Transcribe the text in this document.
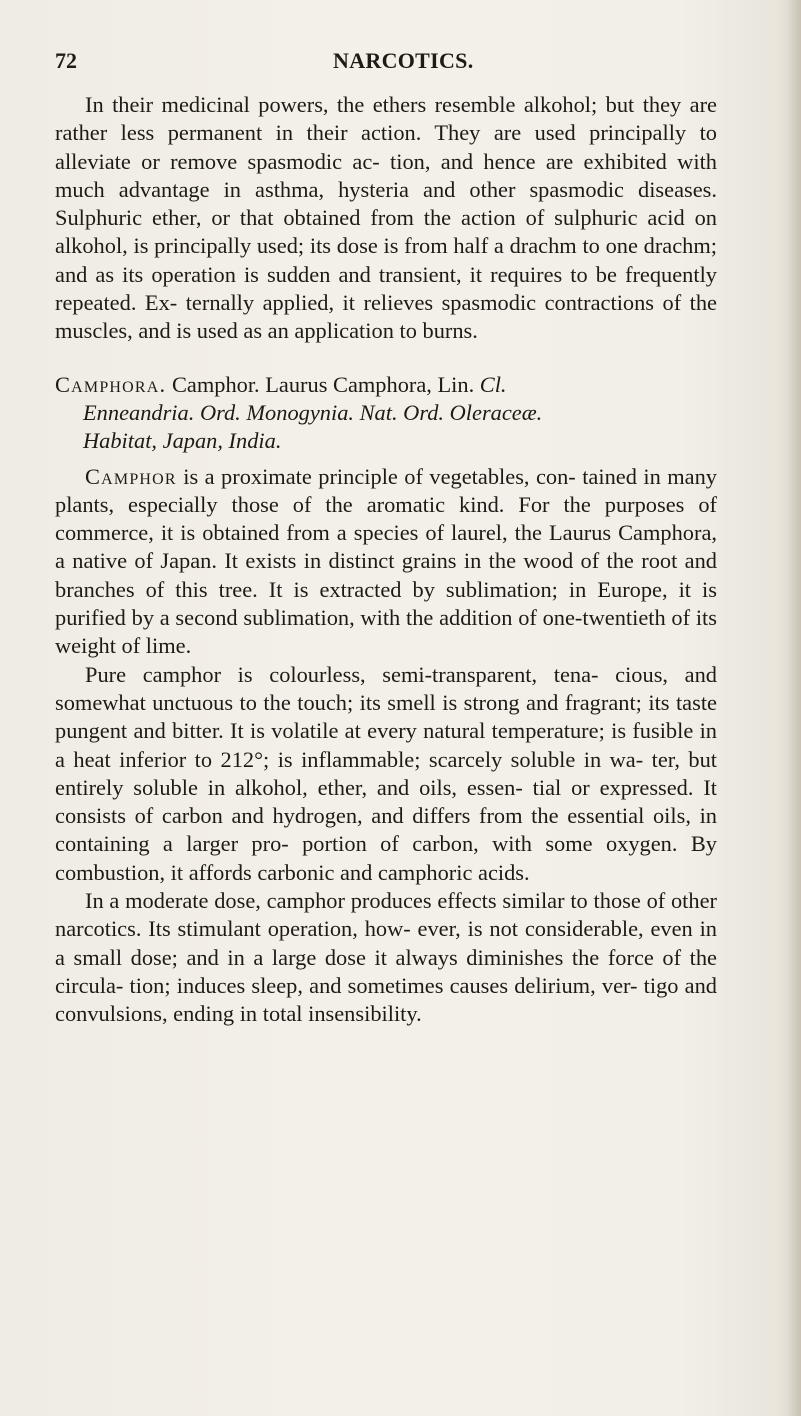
72	NARCOTICS.

In their medicinal powers, the ethers resemble alkohol; but they are rather less permanent in their action. They are used principally to alleviate or remove spasmodic ac- tion, and hence are exhibited with much advantage in asthma, hysteria and other spasmodic diseases. Sulphuric ether, or that obtained from the action of sulphuric acid on alkohol, is principally used; its dose is from half a drachm to one drachm; and as its operation is sudden and transient, it requires to be frequently repeated. Ex- ternally applied, it relieves spasmodic contractions of the muscles, and is used as an application to burns.

Camphora. Camphor. Laurus Camphora, Lin. Cl.

Enneandria. Ord. Monogynia. Nat. Ord. Oleraceæ.
Habitat, Japan, India.

Camphor is a proximate principle of vegetables, con- tained in many plants, especially those of the aromatic kind. For the purposes of commerce, it is obtained from a species of laurel, the Laurus Camphora, a native of Japan. It exists in distinct grains in the wood of the root and branches of this tree. It is extracted by sublimation; in Europe, it is purified by a second sublimation, with the addition of one-twentieth of its weight of lime.

Pure camphor is colourless, semi-transparent, tena- cious, and somewhat unctuous to the touch; its smell is strong and fragrant; its taste pungent and bitter. It is volatile at every natural temperature; is fusible in a heat inferior to 212°; is inflammable; scarcely soluble in wa- ter, but entirely soluble in alkohol, ether, and oils, essen- tial or expressed. It consists of carbon and hydrogen, and differs from the essential oils, in containing a larger pro- portion of carbon, with some oxygen. By combustion, it affords carbonic and camphoric acids.

In a moderate dose, camphor produces effects similar to those of other narcotics. Its stimulant operation, how- ever, is not considerable, even in a small dose; and in a large dose it always diminishes the force of the circula- tion; induces sleep, and sometimes causes delirium, ver- tigo and convulsions, ending in total insensibility.
